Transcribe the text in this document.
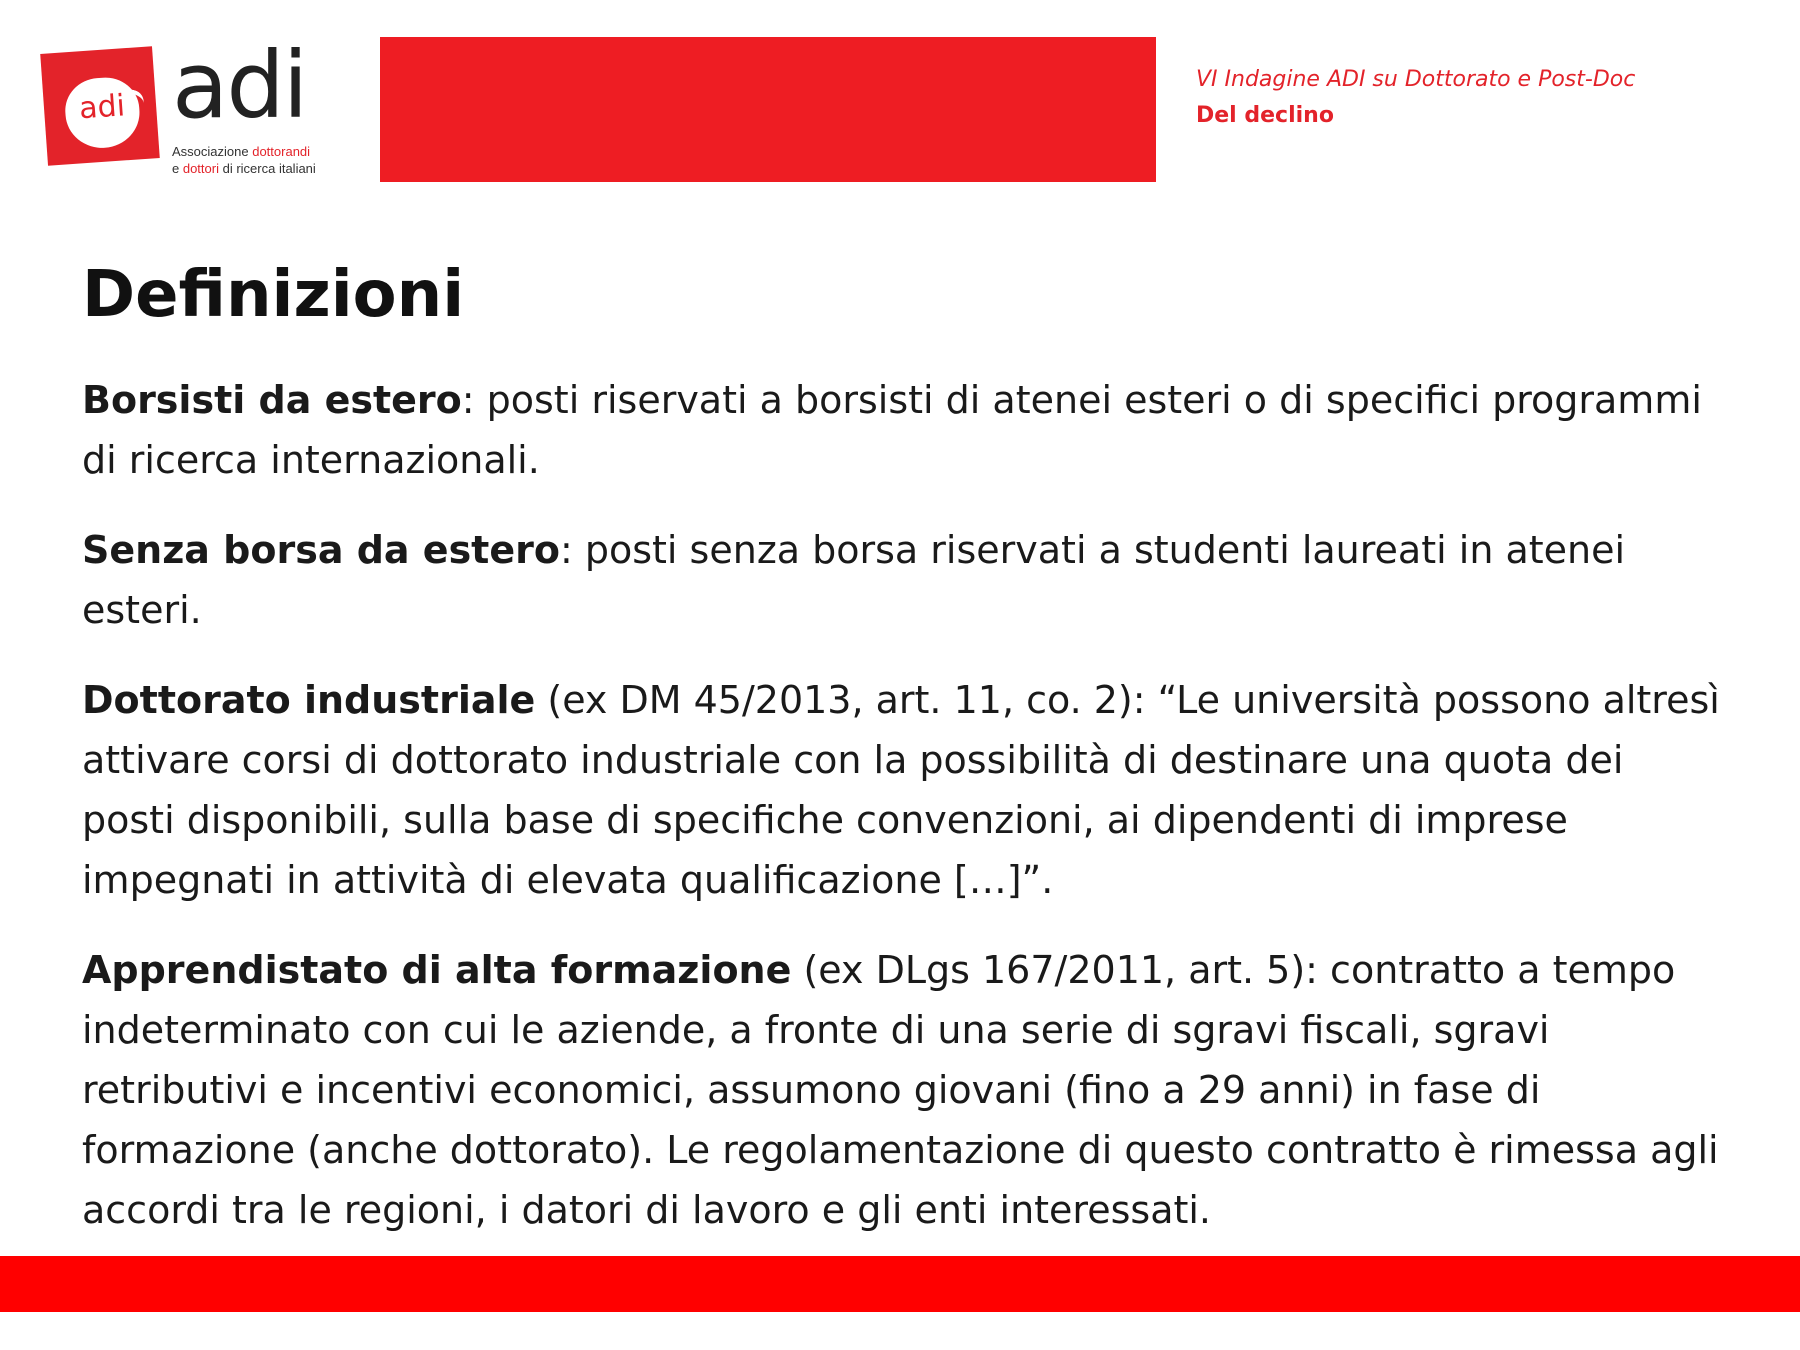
adi adi
Associazione dottorandi
e dottori di ricerca italiani
VI Indagine ADI su Dottorato e Post-Doc
Del declino
Definizioni

Borsisti da estero: posti riservati a borsisti di atenei esteri o di specifici programmi di ricerca internazionali.

Senza borsa da estero: posti senza borsa riservati a studenti laureati in atenei esteri.

Dottorato industriale (ex DM 45/2013, art. 11, co. 2): “Le università possono altresì attivare corsi di dottorato industriale con la possibilità di destinare una quota dei posti disponibili, sulla base di specifiche convenzioni, ai dipendenti di imprese impegnati in attività di elevata qualificazione […]”.

Apprendistato di alta formazione (ex DLgs 167/2011, art. 5): contratto a tempo indeterminato con cui le aziende, a fronte di una serie di sgravi fiscali, sgravi retributivi e incentivi economici, assumono giovani (fino a 29 anni) in fase di formazione (anche dottorato). Le regolamentazione di questo contratto è rimessa agli accordi tra le regioni, i datori di lavoro e gli enti interessati.
